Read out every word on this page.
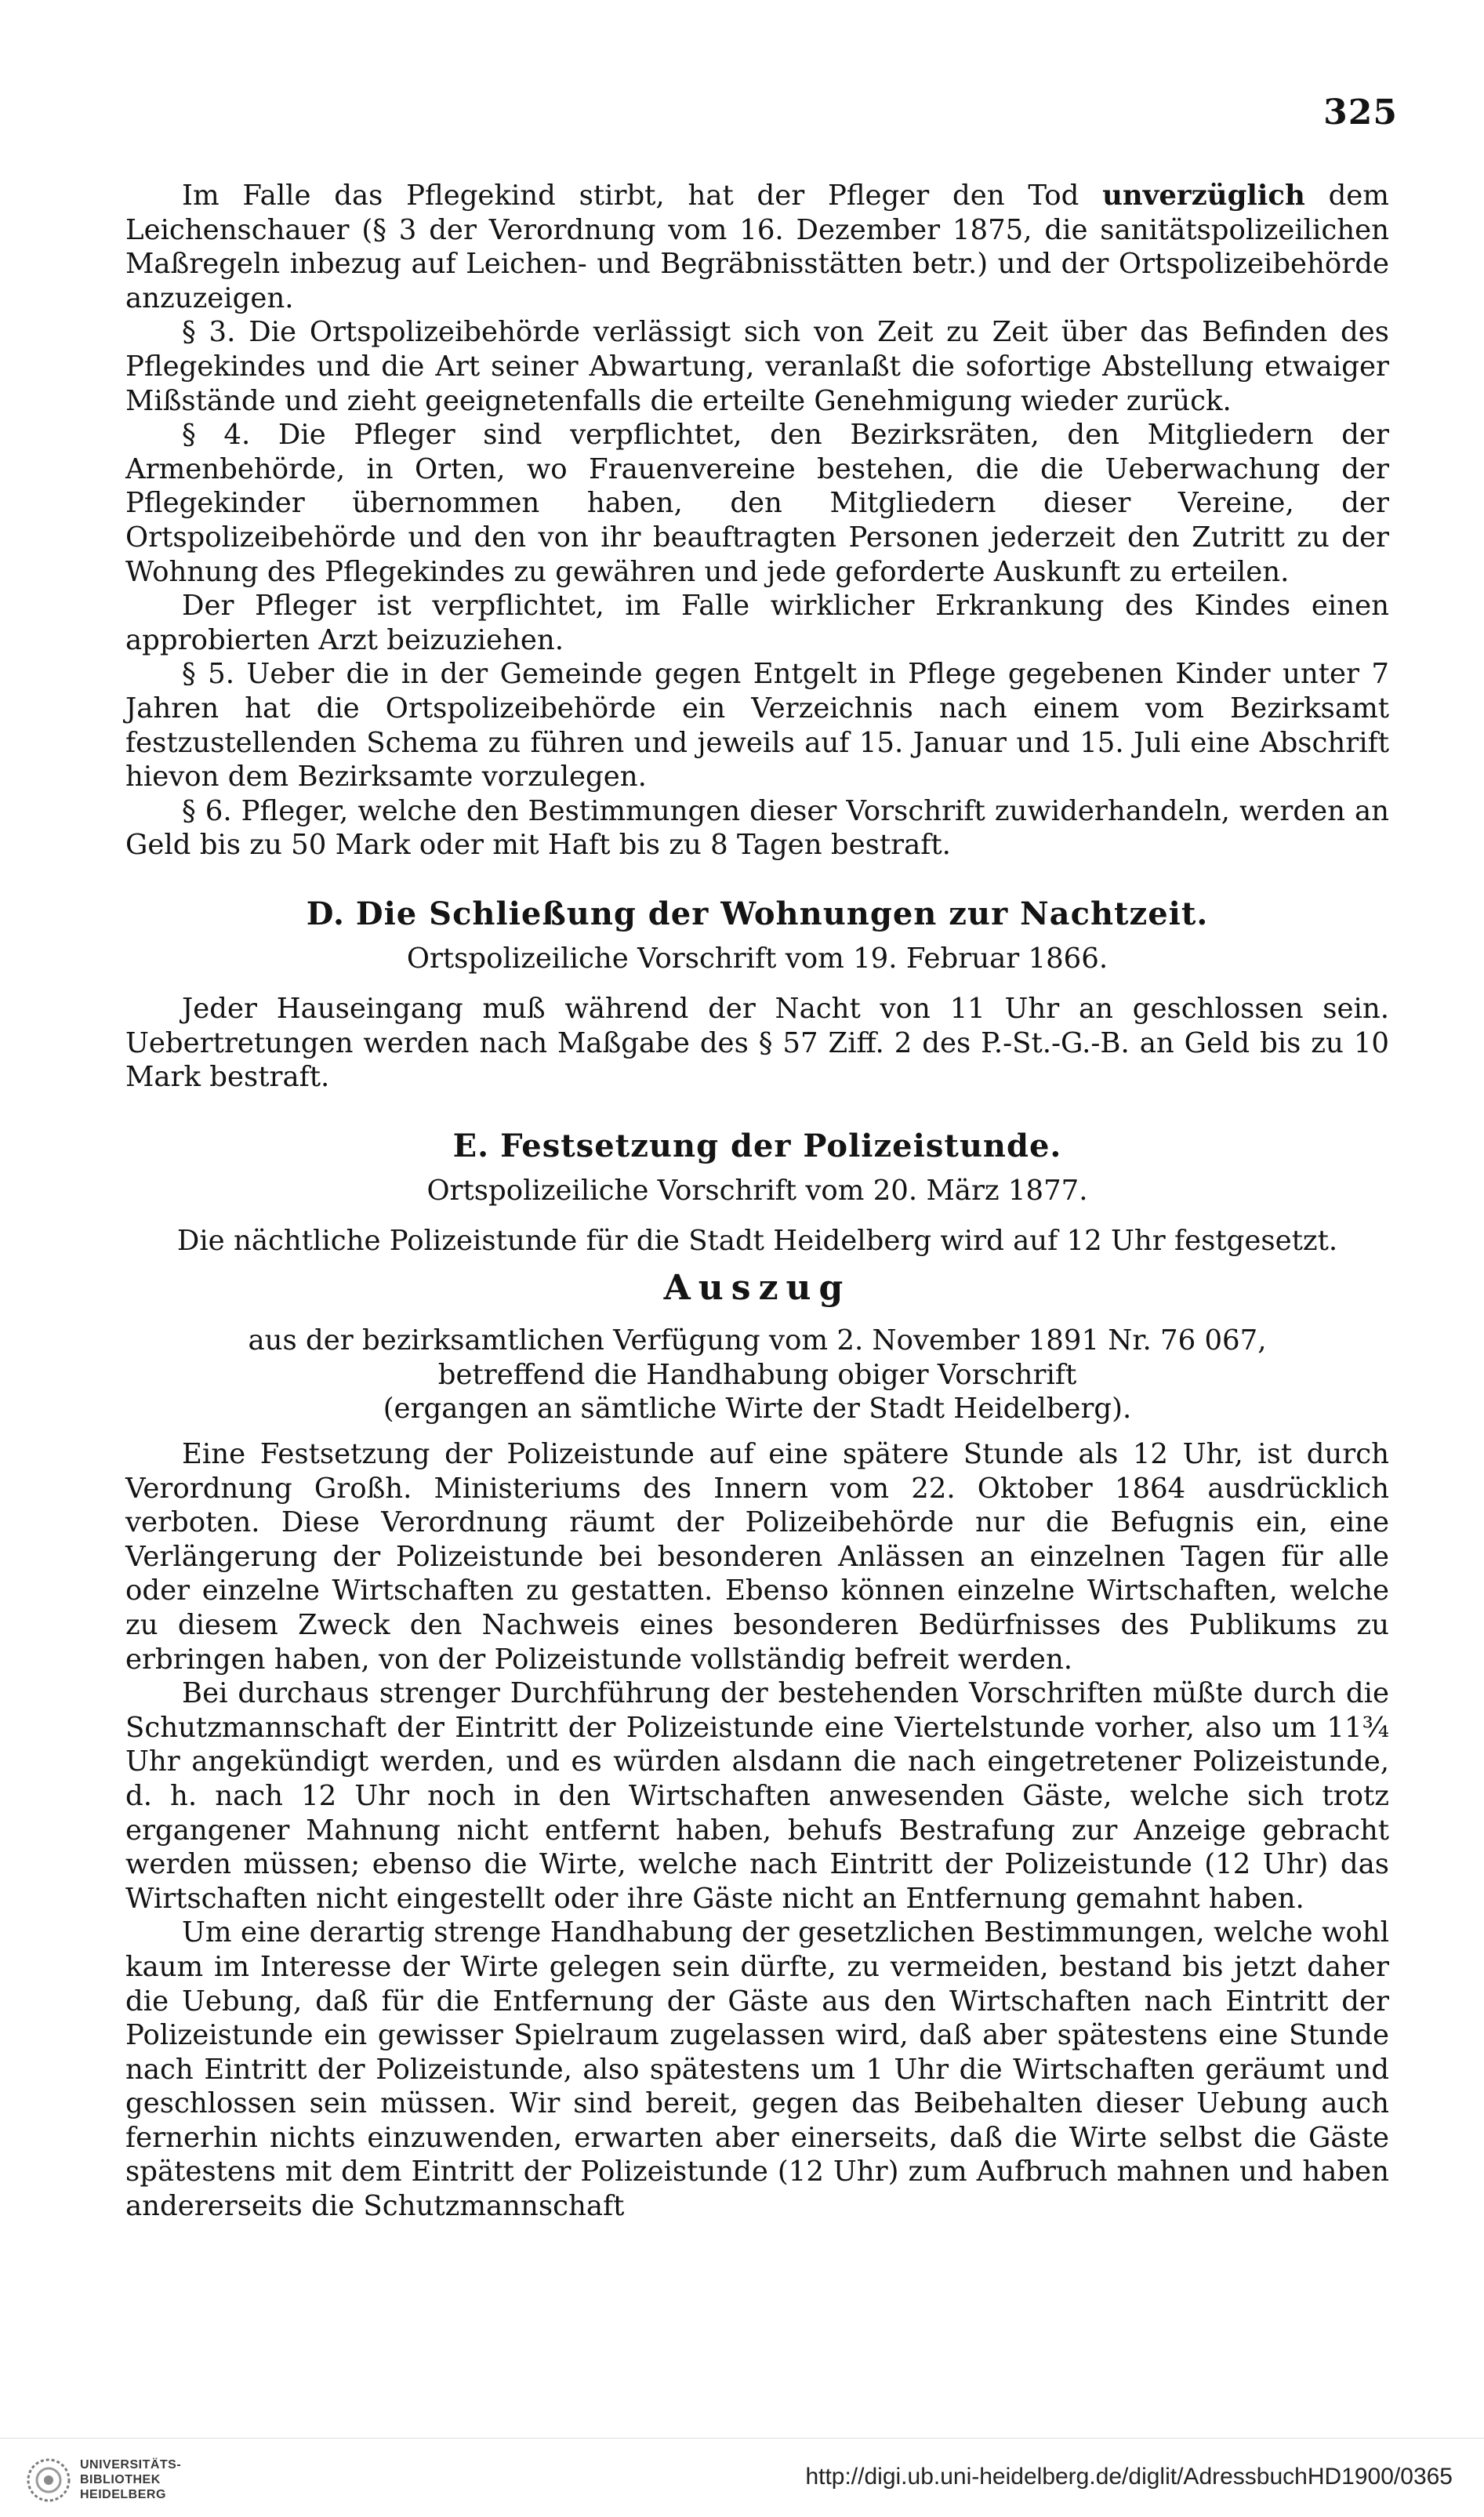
325

Im Falle das Pflegekind stirbt, hat der Pfleger den Tod unverzüglich dem Leichenschauer (§ 3 der Verordnung vom 16. Dezember 1875, die sanitätspolizeilichen Maßregeln inbezug auf Leichen- und Begräbnisstätten betr.) und der Ortspolizeibehörde anzuzeigen.

§ 3. Die Ortspolizeibehörde verlässigt sich von Zeit zu Zeit über das Befinden des Pflegekindes und die Art seiner Abwartung, veranlaßt die sofortige Abstellung etwaiger Mißstände und zieht geeignetenfalls die erteilte Genehmigung wieder zurück.

§ 4. Die Pfleger sind verpflichtet, den Bezirksräten, den Mitgliedern der Armenbehörde, in Orten, wo Frauenvereine bestehen, die die Ueberwachung der Pflegekinder übernommen haben, den Mitgliedern dieser Vereine, der Ortspolizeibehörde und den von ihr beauftragten Personen jederzeit den Zutritt zu der Wohnung des Pflegekindes zu gewähren und jede geforderte Auskunft zu erteilen.

Der Pfleger ist verpflichtet, im Falle wirklicher Erkrankung des Kindes einen approbierten Arzt beizuziehen.

§ 5. Ueber die in der Gemeinde gegen Entgelt in Pflege gegebenen Kinder unter 7 Jahren hat die Ortspolizeibehörde ein Verzeichnis nach einem vom Bezirksamt festzustellenden Schema zu führen und jeweils auf 15. Januar und 15. Juli eine Abschrift hievon dem Bezirksamte vorzulegen.

§ 6. Pfleger, welche den Bestimmungen dieser Vorschrift zuwiderhandeln, werden an Geld bis zu 50 Mark oder mit Haft bis zu 8 Tagen bestraft.

D. Die Schließung der Wohnungen zur Nachtzeit.
Ortspolizeiliche Vorschrift vom 19. Februar 1866.

Jeder Hauseingang muß während der Nacht von 11 Uhr an geschlossen sein. Uebertretungen werden nach Maßgabe des § 57 Ziff. 2 des P.-St.-G.-B. an Geld bis zu 10 Mark bestraft.

E. Festsetzung der Polizeistunde.
Ortspolizeiliche Vorschrift vom 20. März 1877.

Die nächtliche Polizeistunde für die Stadt Heidelberg wird auf 12 Uhr festgesetzt.

Auszug

aus der bezirksamtlichen Verfügung vom 2. November 1891 Nr. 76 067,

betreffend die Handhabung obiger Vorschrift

(ergangen an sämtliche Wirte der Stadt Heidelberg).

Eine Festsetzung der Polizeistunde auf eine spätere Stunde als 12 Uhr, ist durch Verordnung Großh. Ministeriums des Innern vom 22. Oktober 1864 ausdrücklich verboten. Diese Verordnung räumt der Polizeibehörde nur die Befugnis ein, eine Verlängerung der Polizeistunde bei besonderen Anlässen an einzelnen Tagen für alle oder einzelne Wirtschaften zu gestatten. Ebenso können einzelne Wirtschaften, welche zu diesem Zweck den Nachweis eines besonderen Bedürfnisses des Publikums zu erbringen haben, von der Polizeistunde vollständig befreit werden.

Bei durchaus strenger Durchführung der bestehenden Vorschriften müßte durch die Schutzmannschaft der Eintritt der Polizeistunde eine Viertelstunde vorher, also um 11¾ Uhr angekündigt werden, und es würden alsdann die nach eingetretener Polizeistunde, d. h. nach 12 Uhr noch in den Wirtschaften anwesenden Gäste, welche sich trotz ergangener Mahnung nicht entfernt haben, behufs Bestrafung zur Anzeige gebracht werden müssen; ebenso die Wirte, welche nach Eintritt der Polizeistunde (12 Uhr) das Wirtschaften nicht eingestellt oder ihre Gäste nicht an Entfernung gemahnt haben.

Um eine derartig strenge Handhabung der gesetzlichen Bestimmungen, welche wohl kaum im Interesse der Wirte gelegen sein dürfte, zu vermeiden, bestand bis jetzt daher die Uebung, daß für die Entfernung der Gäste aus den Wirtschaften nach Eintritt der Polizeistunde ein gewisser Spielraum zugelassen wird, daß aber spätestens eine Stunde nach Eintritt der Polizeistunde, also spätestens um 1 Uhr die Wirtschaften geräumt und geschlossen sein müssen. Wir sind bereit, gegen das Beibehalten dieser Uebung auch fernerhin nichts einzuwenden, erwarten aber einerseits, daß die Wirte selbst die Gäste spätestens mit dem Eintritt der Polizeistunde (12 Uhr) zum Aufbruch mahnen und haben andererseits die Schutzmannschaft

UNIVERSITÄTS-
BIBLIOTHEK
HEIDELBERG
http://digi.ub.uni-heidelberg.de/diglit/AdressbuchHD1900/0365
